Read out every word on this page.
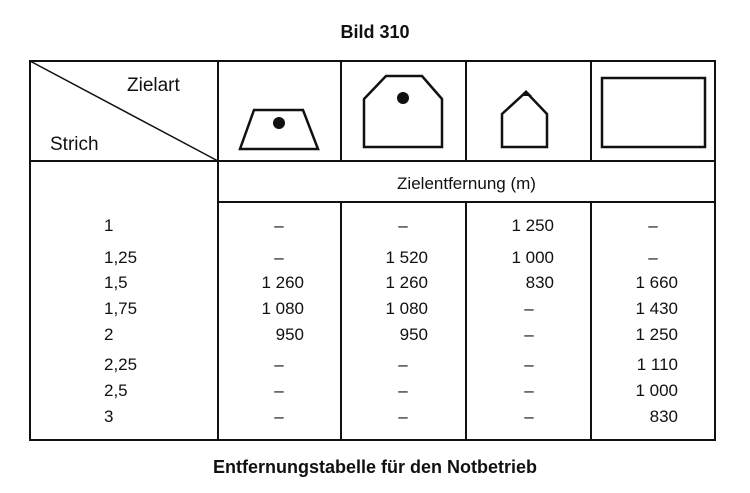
Bild 310
Zielart
Strich
Zielentfernung (m)
1	–	–	1 250	–
1,25	–	1 520	1 000	–
1,5	1 260	1 260	830	1 660
1,75	1 080	1 080	–	1 430
2	950	950	–	1 250
2,25	–	–	–	1 110
2,5	–	–	–	1 000
3	–	–	–	830
Entfernungstabelle für den Notbetrieb
